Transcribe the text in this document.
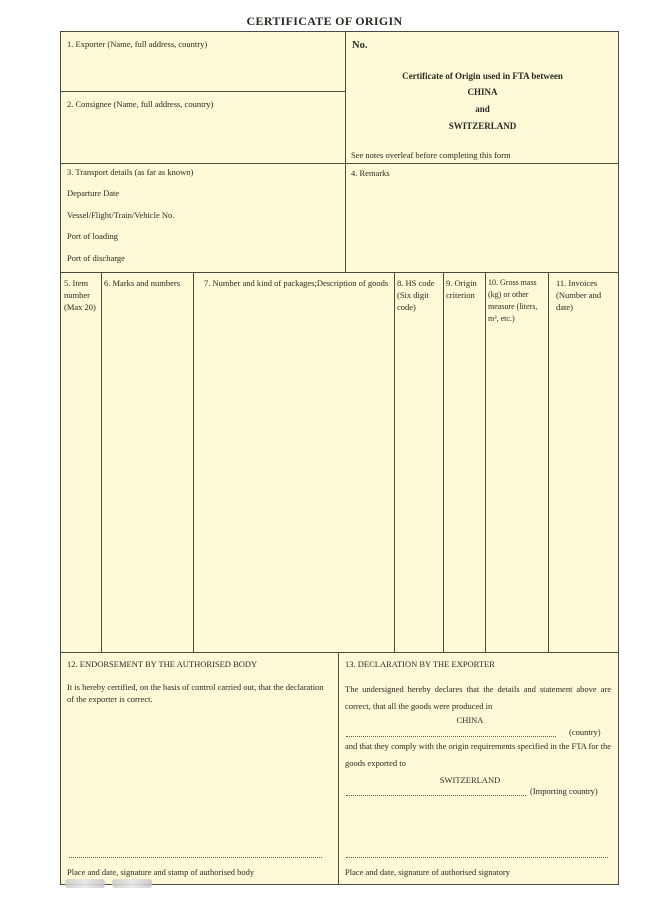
CERTIFICATE OF ORIGIN
1. Exporter (Name, full address, country)
2. Consignee (Name, full address, country)
No.
Certificate of Origin used in FTA between
CHINA
and
SWITZERLAND
See notes overleaf before completing this form
3. Transport details (as far as known)
Departure Date
Vessel/Flight/Train/Vehicle No.
Port of loading
Port of discharge
4. Remarks
5. Item number (Max 20)
6. Marks and numbers	7. Number and kind of packages;Description of goods	8. HS code (Six digit code)
9. Origin criterion
10. Gross mass (kg) or other measure (liters, m³, etc.)
11. Invoices (Number and date)
12. ENDORSEMENT BY THE AUTHORISED BODY
It is hereby certified, on the basis of control carried out, that the declaration of the exporter is correct.
Place and date, signature and stamp of authorised body
13. DECLARATION BY THE EXPORTER
The undersigned hereby declares that the details and statement above are correct, that all the goods were produced in
CHINA
(country)
and that they comply with the origin requirements specified in the FTA for the goods exported to
SWITZERLAND
(Importing country)
Place and date, signature of authorised signatory
